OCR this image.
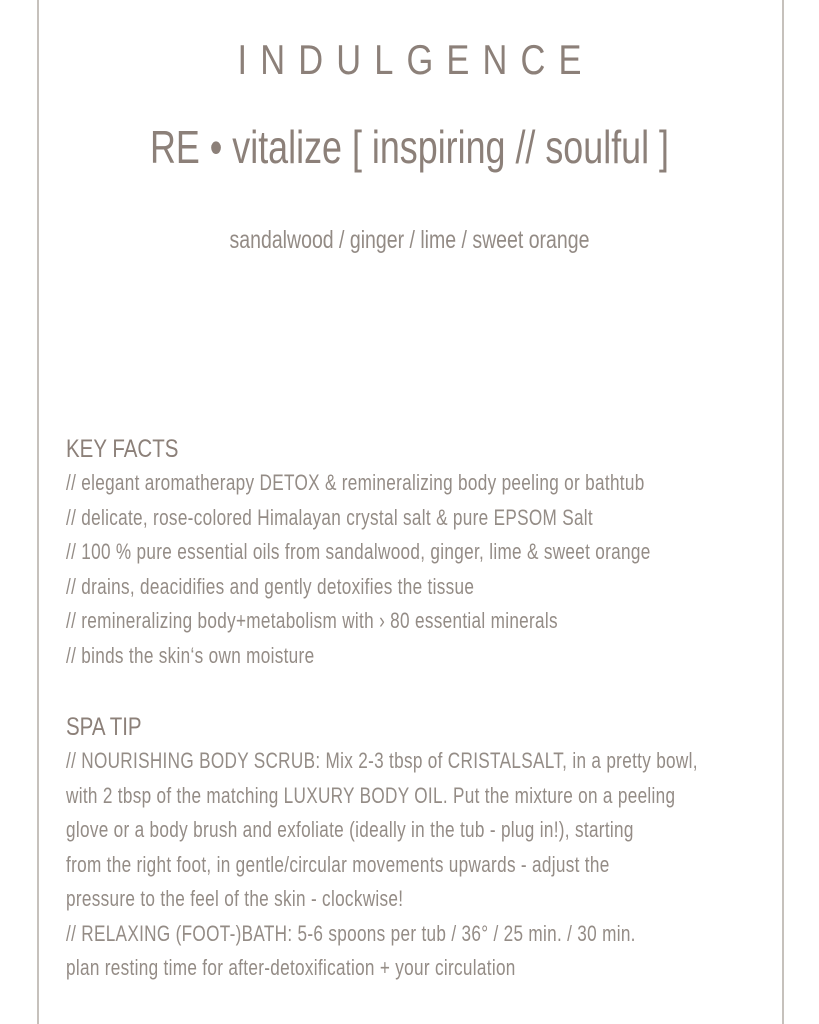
INDULGENCE
RE • vitalize [ inspiring // soulful ]
sandalwood / ginger / lime / sweet orange
KEY FACTS
// elegant aromatherapy DETOX & remineralizing body peeling or bathtub
// delicate, rose-colored Himalayan crystal salt & pure EPSOM Salt
// 100 % pure essential oils from sandalwood, ginger, lime & sweet orange
// drains, deacidifies and gently detoxifies the tissue
// remineralizing body+metabolism with › 80 essential minerals
// binds the skin‘s own moisture
SPA TIP
// NOURISHING BODY SCRUB: Mix 2-3 tbsp of CRISTALSALT, in a pretty bowl,
with 2 tbsp of the matching LUXURY BODY OIL. Put the mixture on a peeling
glove or a body brush and exfoliate (ideally in the tub - plug in!), starting
from the right foot, in gentle/circular movements upwards - adjust the
pressure to the feel of the skin - clockwise!
// RELAXING (FOOT-)BATH: 5-6 spoons per tub / 36° / 25 min. / 30 min.
plan resting time for after-detoxification + your circulation
